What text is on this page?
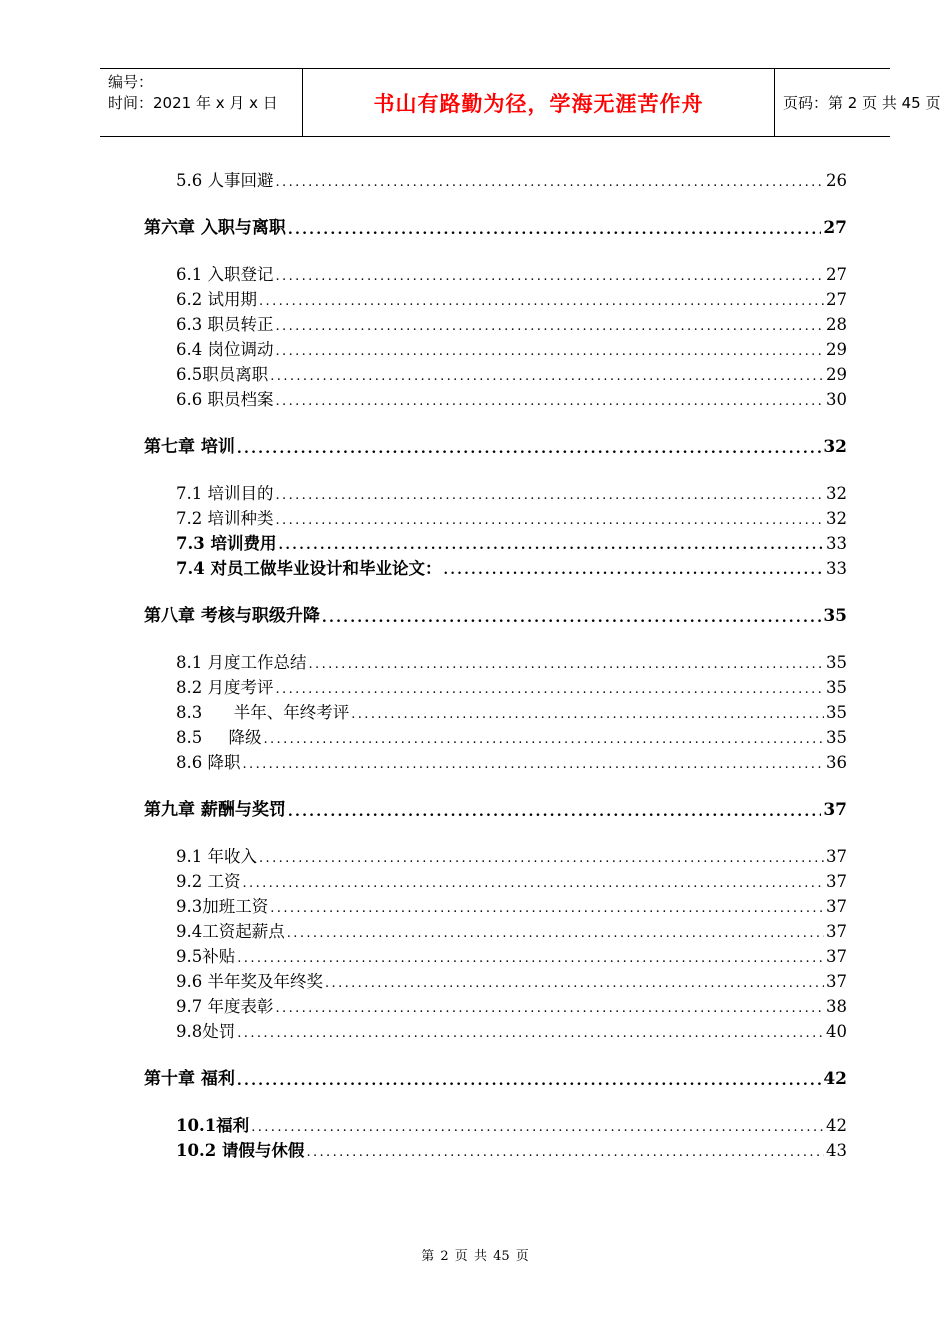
编号：
时间：2021 年 x 月 x 日	书山有路勤为径，学海无涯苦作舟	页码：第 2 页 共 45 页
5.6 人事回避 .....	26
第六章 入职与离职 .....	27
6.1 入职登记 .....	27
6.2 试用期 .....	27
6.3 职员转正 .....	28
6.4 岗位调动 .....	29
6.5职员离职 .....	29
6.6 职员档案 .....	30
第七章 培训 .....	32
7.1 培训目的 .....	32
7.2 培训种类 .....	32
7.3 培训费用 .....	33
7.4 对员工做毕业设计和毕业论文： .....	33
第八章 考核与职级升降 .....	35
8.1 月度工作总结 .....	35
8.2 月度考评 .....	35
8.3      半年、年终考评 .....	35
8.5     降级 .....	35
8.6 降职 .....	36
第九章 薪酬与奖罚 .....	37
9.1 年收入 .....	37
9.2 工资 .....	37
9.3加班工资 .....	37
9.4工资起薪点 .....	37
9.5补贴 .....	37
9.6 半年奖及年终奖 .....	37
9.7 年度表彰 .....	38
9.8处罚 .....	40
第十章 福利 .....	42
10.1福利 .....	42
10.2 请假与休假 .....	43
第 2 页 共 45 页
